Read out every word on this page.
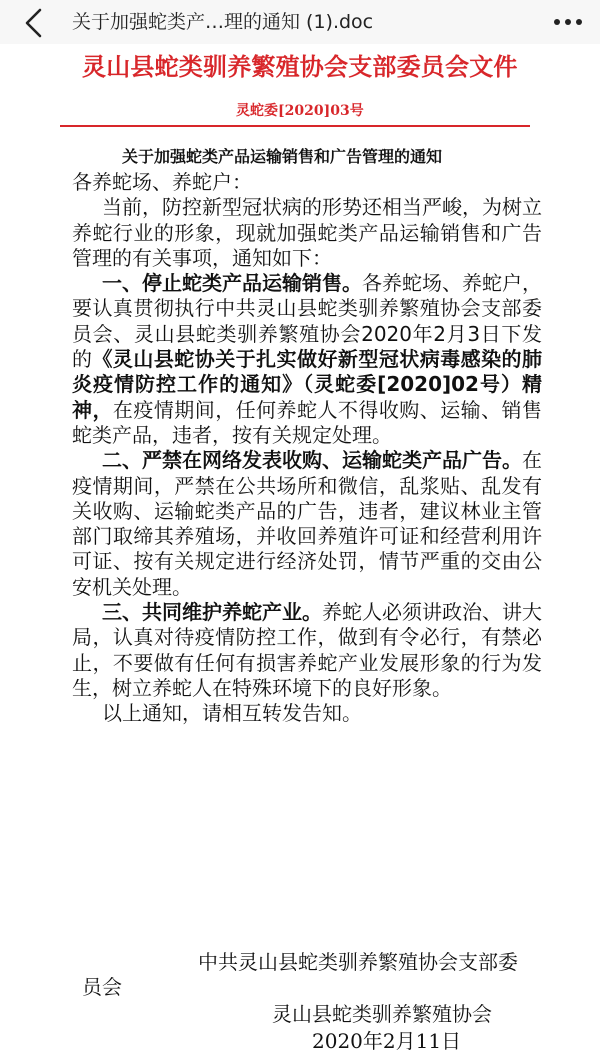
关于加强蛇类产…理的通知 (1).doc
灵山县蛇类驯养繁殖协会支部委员会文件
灵蛇委[2020]03号
关于加强蛇类产品运输销售和广告管理的通知

各养蛇场、养蛇户：

当前，防控新型冠状病的形势还相当严峻，为树立养蛇行业的形象，现就加强蛇类产品运输销售和广告管理的有关事项，通知如下：

一、停止蛇类产品运输销售。各养蛇场、养蛇户，要认真贯彻执行中共灵山县蛇类驯养繁殖协会支部委员会、灵山县蛇类驯养繁殖协会2020年2月3日下发的《灵山县蛇协关于扎实做好新型冠状病毒感染的肺炎疫情防控工作的通知》（灵蛇委[2020]02号）精神，在疫情期间，任何养蛇人不得收购、运输、销售蛇类产品，违者，按有关规定处理。

二、严禁在网络发表收购、运输蛇类产品广告。在疫情期间，严禁在公共场所和微信，乱浆贴、乱发有关收购、运输蛇类产品的广告，违者，建议林业主管部门取缔其养殖场，并收回养殖许可证和经营利用许可证、按有关规定进行经济处罚，情节严重的交由公安机关处理。

三、共同维护养蛇产业。养蛇人必须讲政治、讲大局，认真对待疫情防控工作，做到有令必行，有禁必止，不要做有任何有损害养蛇产业发展形象的行为发生，树立养蛇人在特殊环境下的良好形象。

以上通知，请相互转发告知。

中共灵山县蛇类驯养繁殖协会支部委员会
灵山县蛇类驯养繁殖协会
2020年2月11日
